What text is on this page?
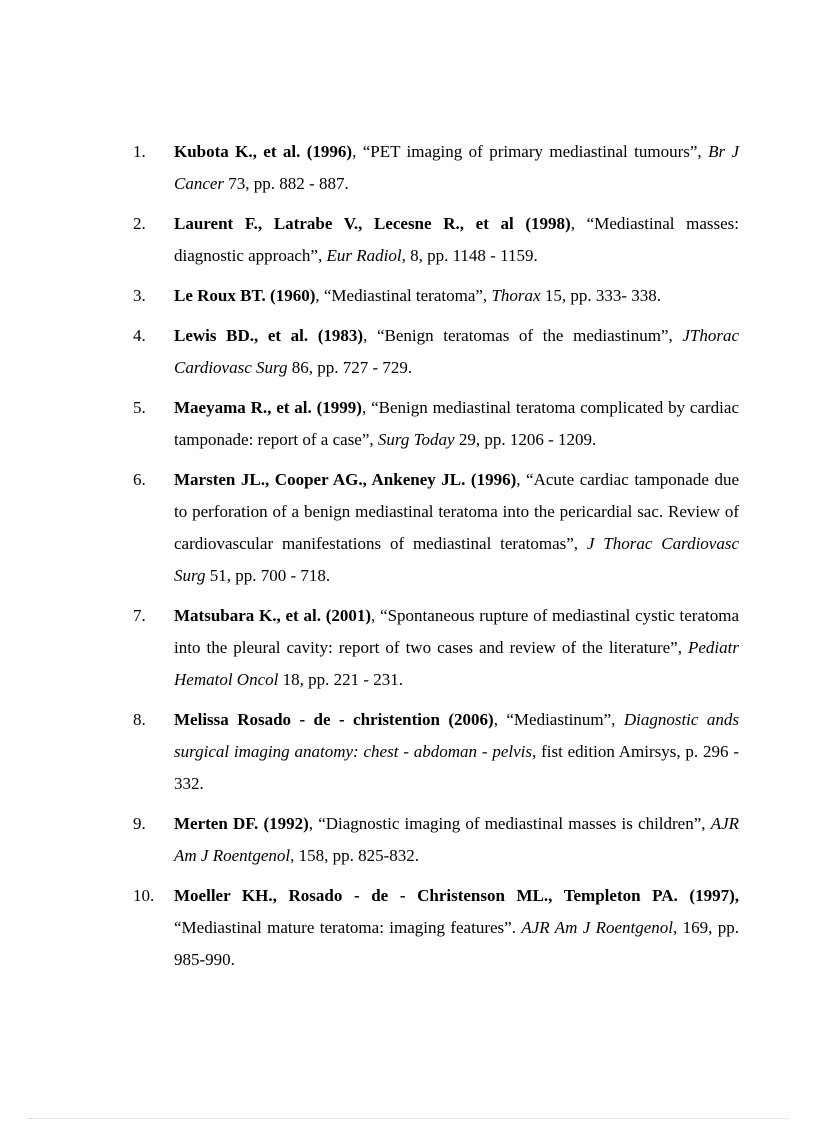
1.	Kubota K., et al. (1996), “PET imaging of primary mediastinal tumours”, Br J Cancer 73, pp. 882 - 887.
2.	Laurent F., Latrabe V., Lecesne R., et al (1998), “Mediastinal masses: diagnostic approach”, Eur Radiol, 8, pp. 1148 - 1159.
3.	Le Roux BT. (1960), “Mediastinal teratoma”, Thorax 15, pp. 333- 338.
4.	Lewis BD., et al. (1983), “Benign teratomas of the mediastinum”, JThorac Cardiovasc Surg 86, pp. 727 - 729.
5.	Maeyama R., et al. (1999), “Benign mediastinal teratoma complicated by cardiac tamponade: report of a case”, Surg Today 29, pp. 1206 - 1209.
6.	Marsten JL., Cooper AG., Ankeney JL. (1996), “Acute cardiac tamponade due to perforation of a benign mediastinal teratoma into the pericardial sac. Review of cardiovascular manifestations of mediastinal teratomas”, J Thorac Cardiovasc Surg 51, pp. 700 - 718.
7.	Matsubara K., et al. (2001), “Spontaneous rupture of mediastinal cystic teratoma into the pleural cavity: report of two cases and review of the literature”, Pediatr Hematol Oncol 18, pp. 221 - 231.
8.	Melissa Rosado - de - christention (2006), “Mediastinum”, Diagnostic ands surgical imaging anatomy: chest - abdoman - pelvis, fist edition Amirsys, p. 296 - 332.
9.	Merten DF. (1992), “Diagnostic imaging of mediastinal masses is children”, AJR Am J Roentgenol, 158, pp. 825-832.
10.	Moeller KH., Rosado - de - Christenson ML., Templeton PA. (1997), “Mediastinal mature teratoma: imaging features”. AJR Am J Roentgenol, 169, pp. 985-990.
